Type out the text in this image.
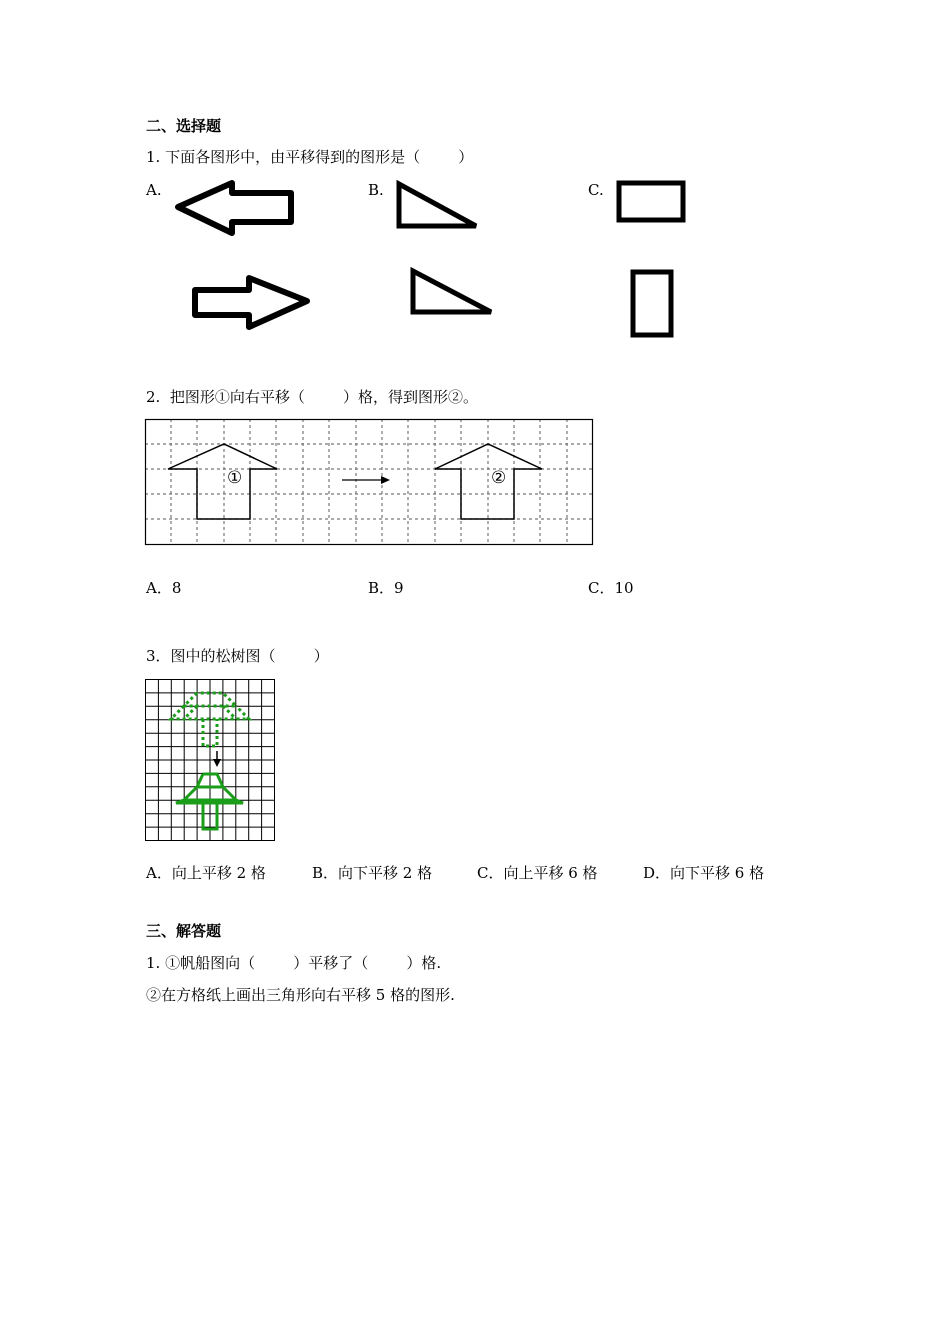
二、选择题
1. 下面各图形中，由平移得到的图形是（        ）
A.	B.	C.
2.  把图形①向右平移（        ）格，得到图形②。
①	②
A．8	B．9	C．10
3．图中的松树图（        ）
A．向上平移 2 格	B．向下平移 2 格	C．向上平移 6 格	D．向下平移 6 格
三、解答题
1. ①帆船图向（        ）平移了（        ）格.
②在方格纸上画出三角形向右平移 5 格的图形.
